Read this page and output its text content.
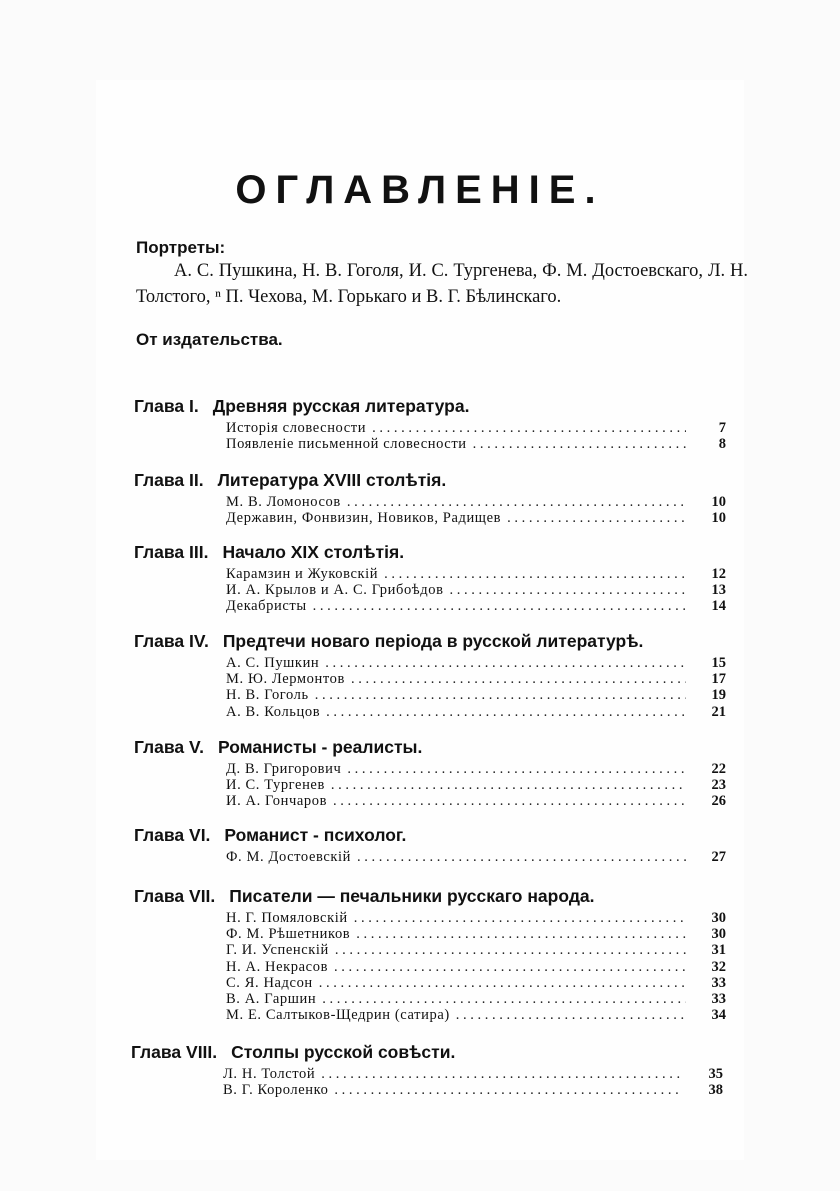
ОГЛАВЛЕНIЕ.
Портреты:
А. С. Пушкина, Н. В. Гоголя, И. С. Тургенева, Ф. М. Достоевскаго, Л. Н. Толстого, ⁿ П. Чехова, М. Горькаго и В. Г. Бѣлинскаго.
От издательства.
Глава I. Древняя русская литература.
Исторія словесности . . .	7
Появленіе письменной словесности . . .	8
Глава II. Литература XVIII столѣтія.
М. В. Ломоносов . . .	10
Державин, Фонвизин, Новиков, Радищев . . .	10
Глава III. Начало XIX столѣтія.
Карамзин и Жуковскій . . .	12
И. А. Крылов и А. С. Грибоѣдов . . .	13
Декабристы . . .	14
Глава IV. Предтечи новаго періода в русской литературѣ.
А. С. Пушкин . . .	15
М. Ю. Лермонтов . . .	17
Н. В. Гоголь . . .	19
А. В. Кольцов . . .	21
Глава V. Романисты - реалисты.
Д. В. Григорович . . .	22
И. С. Тургенев . . .	23
И. А. Гончаров . . .	26
Глава VI. Романист - психолог.
Ф. М. Достоевскій . . .	27
Глава VII. Писатели — печальники русскаго народа.
Н. Г. Помяловскій . . .	30
Ф. М. Рѣшетников . . .	30
Г. И. Успенскій . . .	31
Н. А. Некрасов . . .	32
С. Я. Надсон . . .	33
В. А. Гаршин . . .	33
М. Е. Салтыков-Щедрин (сатира) . . .	34
Глава VIII. Столпы русской совѣсти.
Л. Н. Толстой . . .	35
В. Г. Короленко . . .	38
